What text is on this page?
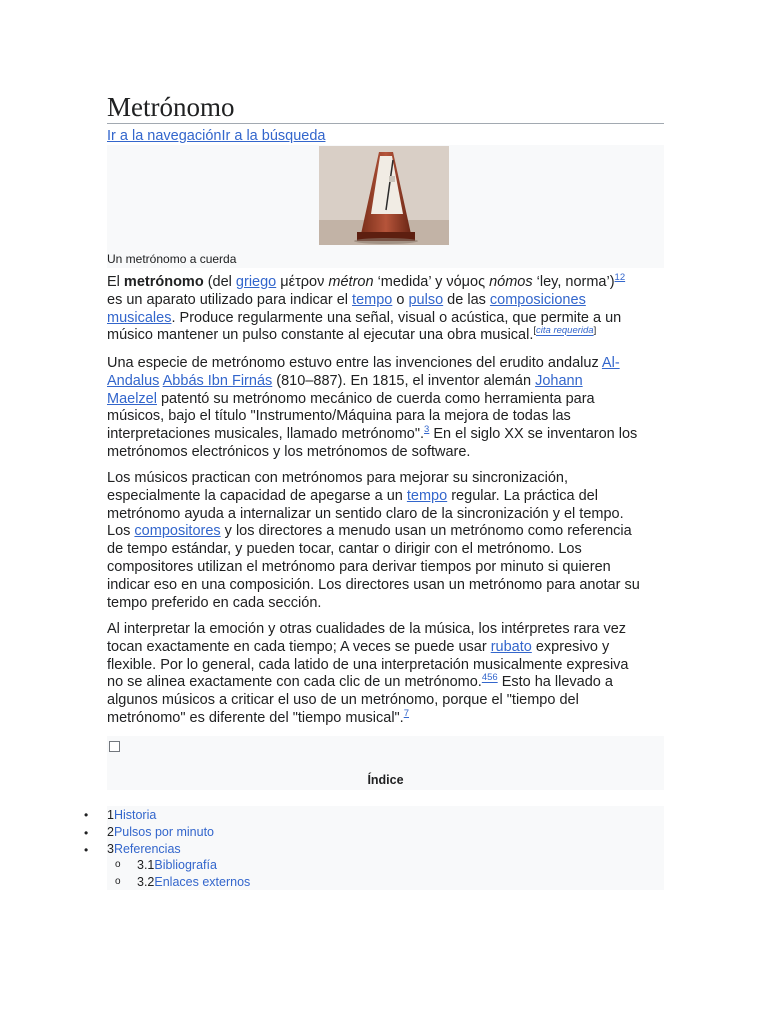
Metrónomo
Ir a la navegaciónIr a la búsqueda
Un metrónomo a cuerda

El metrónomo (del griego μέτρον métron ‘medida’ y νόμος nómos ‘ley, norma’)$^{12}$
es un aparato utilizado para indicar el tempo o pulso de las composiciones
musicales. Produce regularmente una señal, visual o acústica, que permite a un
músico mantener un pulso constante al ejecutar una obra musical.[cita requerida]

Una especie de metrónomo estuvo entre las invenciones del erudito andaluz Al-
Andalus Abbás Ibn Firnás (810–887). En 1815, el inventor alemán Johann
Maelzel patentó su metrónomo mecánico de cuerda como herramienta para
músicos, bajo el título "Instrumento/Máquina para la mejora de todas las
interpretaciones musicales, llamado metrónomo".$^3$ En el siglo XX se inventaron los
metrónomos electrónicos y los metrónomos de software.

Los músicos practican con metrónomos para mejorar su sincronización,
especialmente la capacidad de apegarse a un tempo regular. La práctica del
metrónomo ayuda a internalizar un sentido claro de la sincronización y el tempo.
Los compositores y los directores a menudo usan un metrónomo como referencia
de tempo estándar, y pueden tocar, cantar o dirigir con el metrónomo. Los
compositores utilizan el metrónomo para derivar tiempos por minuto si quieren
indicar eso en una composición. Los directores usan un metrónomo para anotar su
tempo preferido en cada sección.

Al interpretar la emoción y otras cualidades de la música, los intérpretes rara vez
tocan exactamente en cada tiempo; A veces se puede usar rubato expresivo y
flexible. Por lo general, cada latido de una interpretación musicalmente expresiva
no se alinea exactamente con cada clic de un metrónomo.$^{456}$ Esto ha llevado a
algunos músicos a criticar el uso de un metrónomo, porque el "tiempo del
metrónomo" es diferente del "tiempo musical".$^7$

Índice
• 1Historia
• 2Pulsos por minuto
• 3Referencias
o 3.1Bibliografía
o 3.2Enlaces externos
